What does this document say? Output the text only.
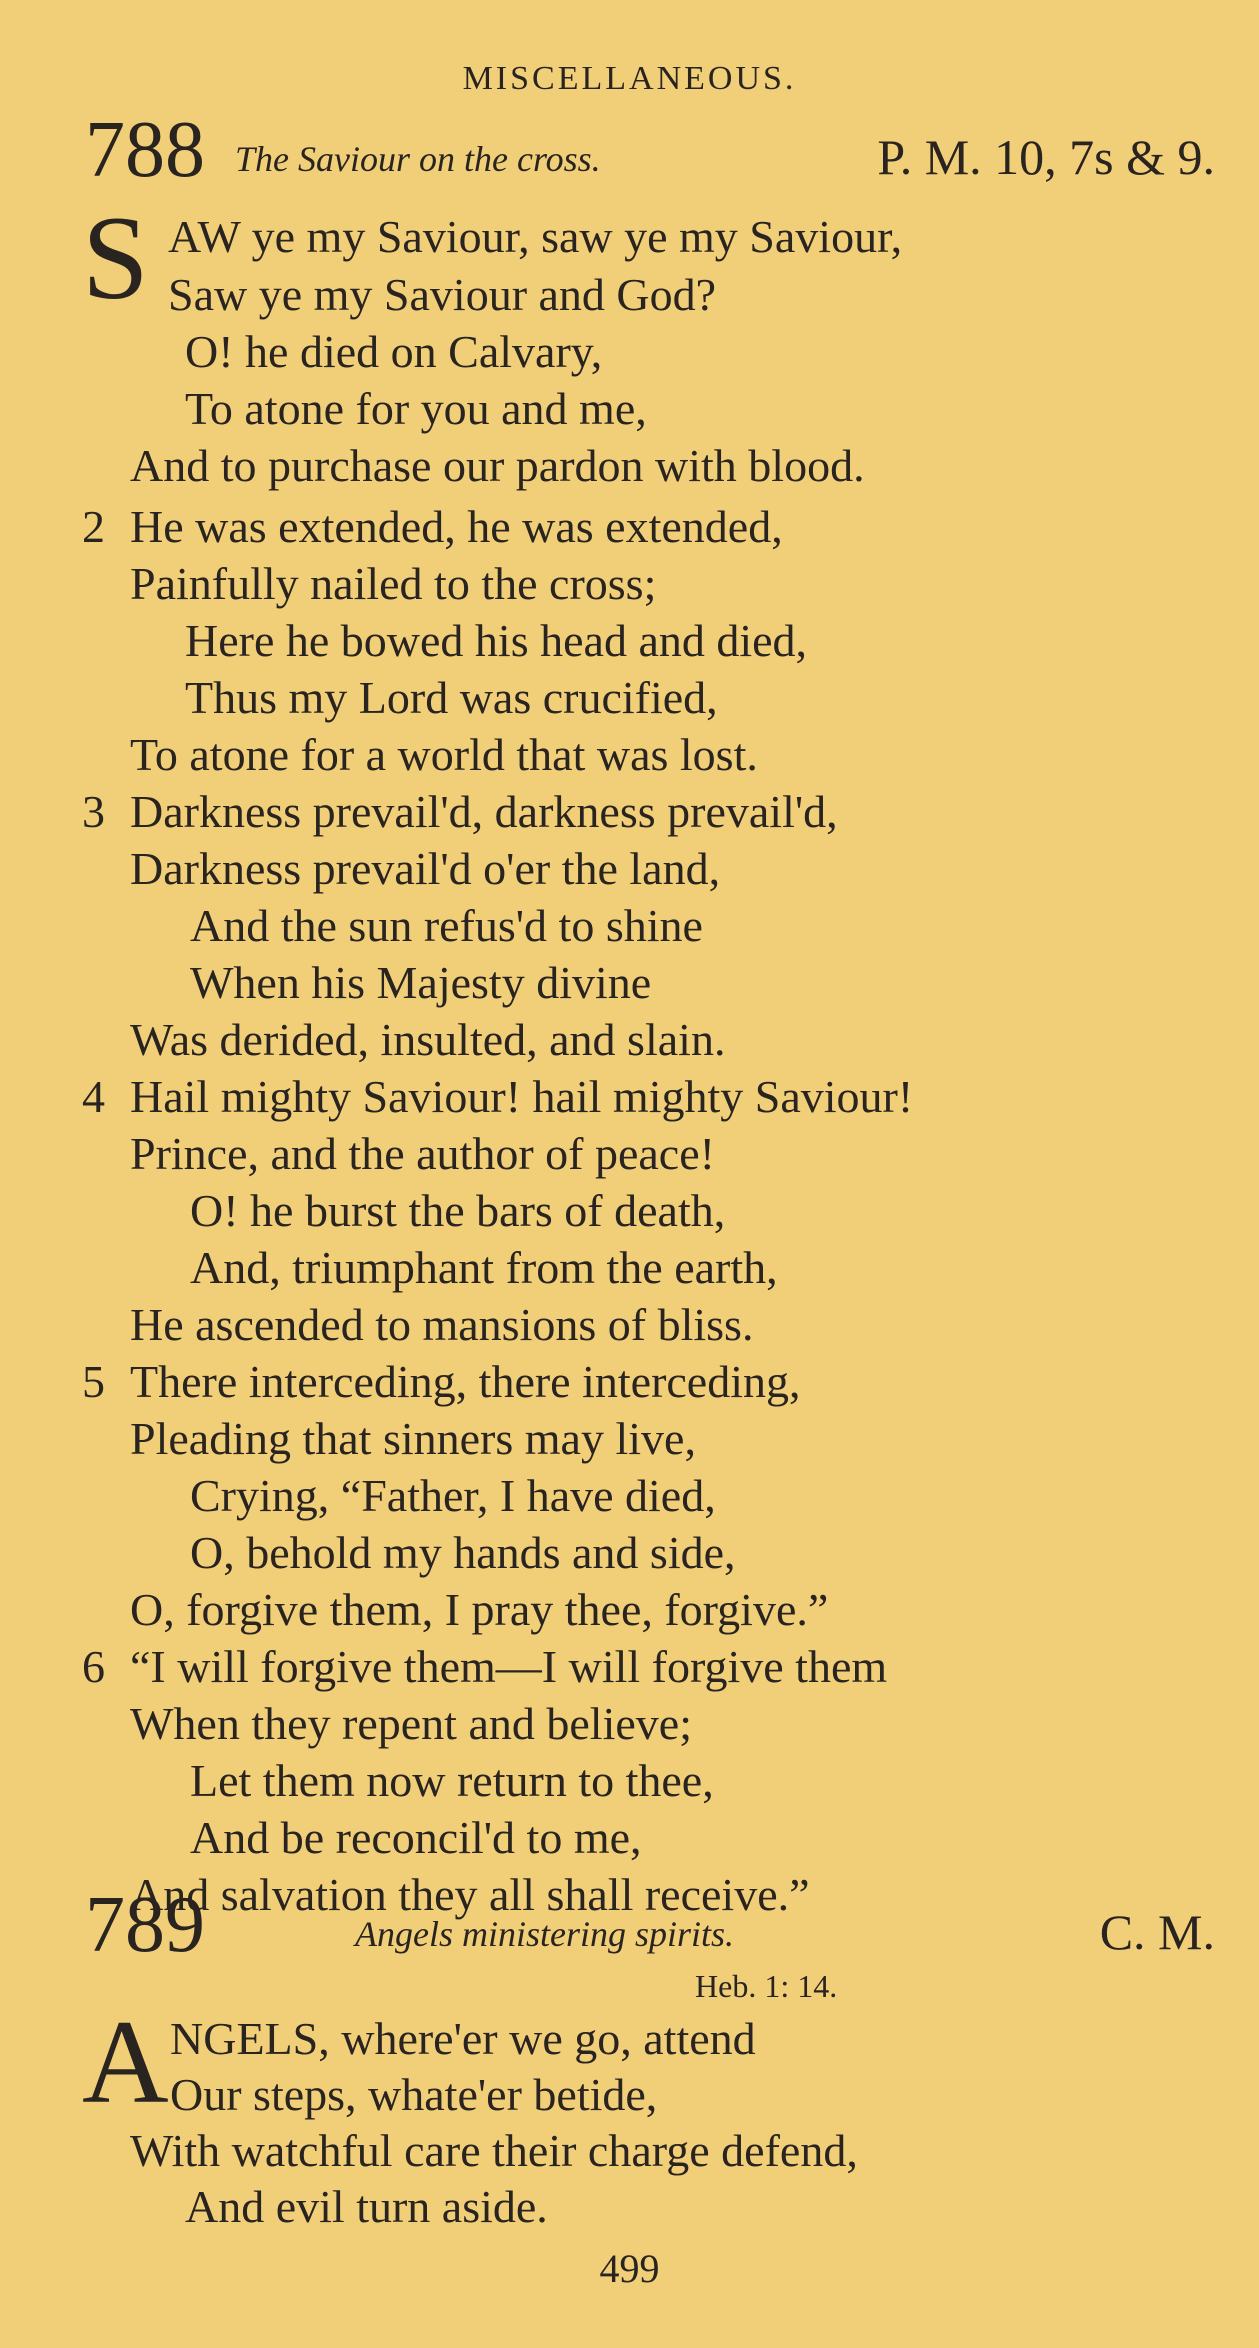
MISCELLANEOUS.
788 The Saviour on the cross.	P. M. 10, 7s & 9.
S AW ye my Saviour, saw ye my Saviour,
Saw ye my Saviour and God?
O! he died on Calvary,
To atone for you and me,
And to purchase our pardon with blood.
2 He was extended, he was extended,
Painfully nailed to the cross;
Here he bowed his head and died,
Thus my Lord was crucified,
To atone for a world that was lost.
3 Darkness prevail'd, darkness prevail'd,
Darkness prevail'd o'er the land,
And the sun refus'd to shine
When his Majesty divine
Was derided, insulted, and slain.
4 Hail mighty Saviour! hail mighty Saviour!
Prince, and the author of peace!
O! he burst the bars of death,
And, triumphant from the earth,
He ascended to mansions of bliss.
5 There interceding, there interceding,
Pleading that sinners may live,
Crying, “Father, I have died,
O, behold my hands and side,
O, forgive them, I pray thee, forgive.”
6 “I will forgive them—I will forgive them
When they repent and believe;
Let them now return to thee,
And be reconcil'd to me,
And salvation they all shall receive.”
789	Angels ministering spirits.	C. M.
Heb. 1: 14.
A NGELS, where'er we go, attend
Our steps, whate'er betide,
With watchful care their charge defend,
And evil turn aside.
499
